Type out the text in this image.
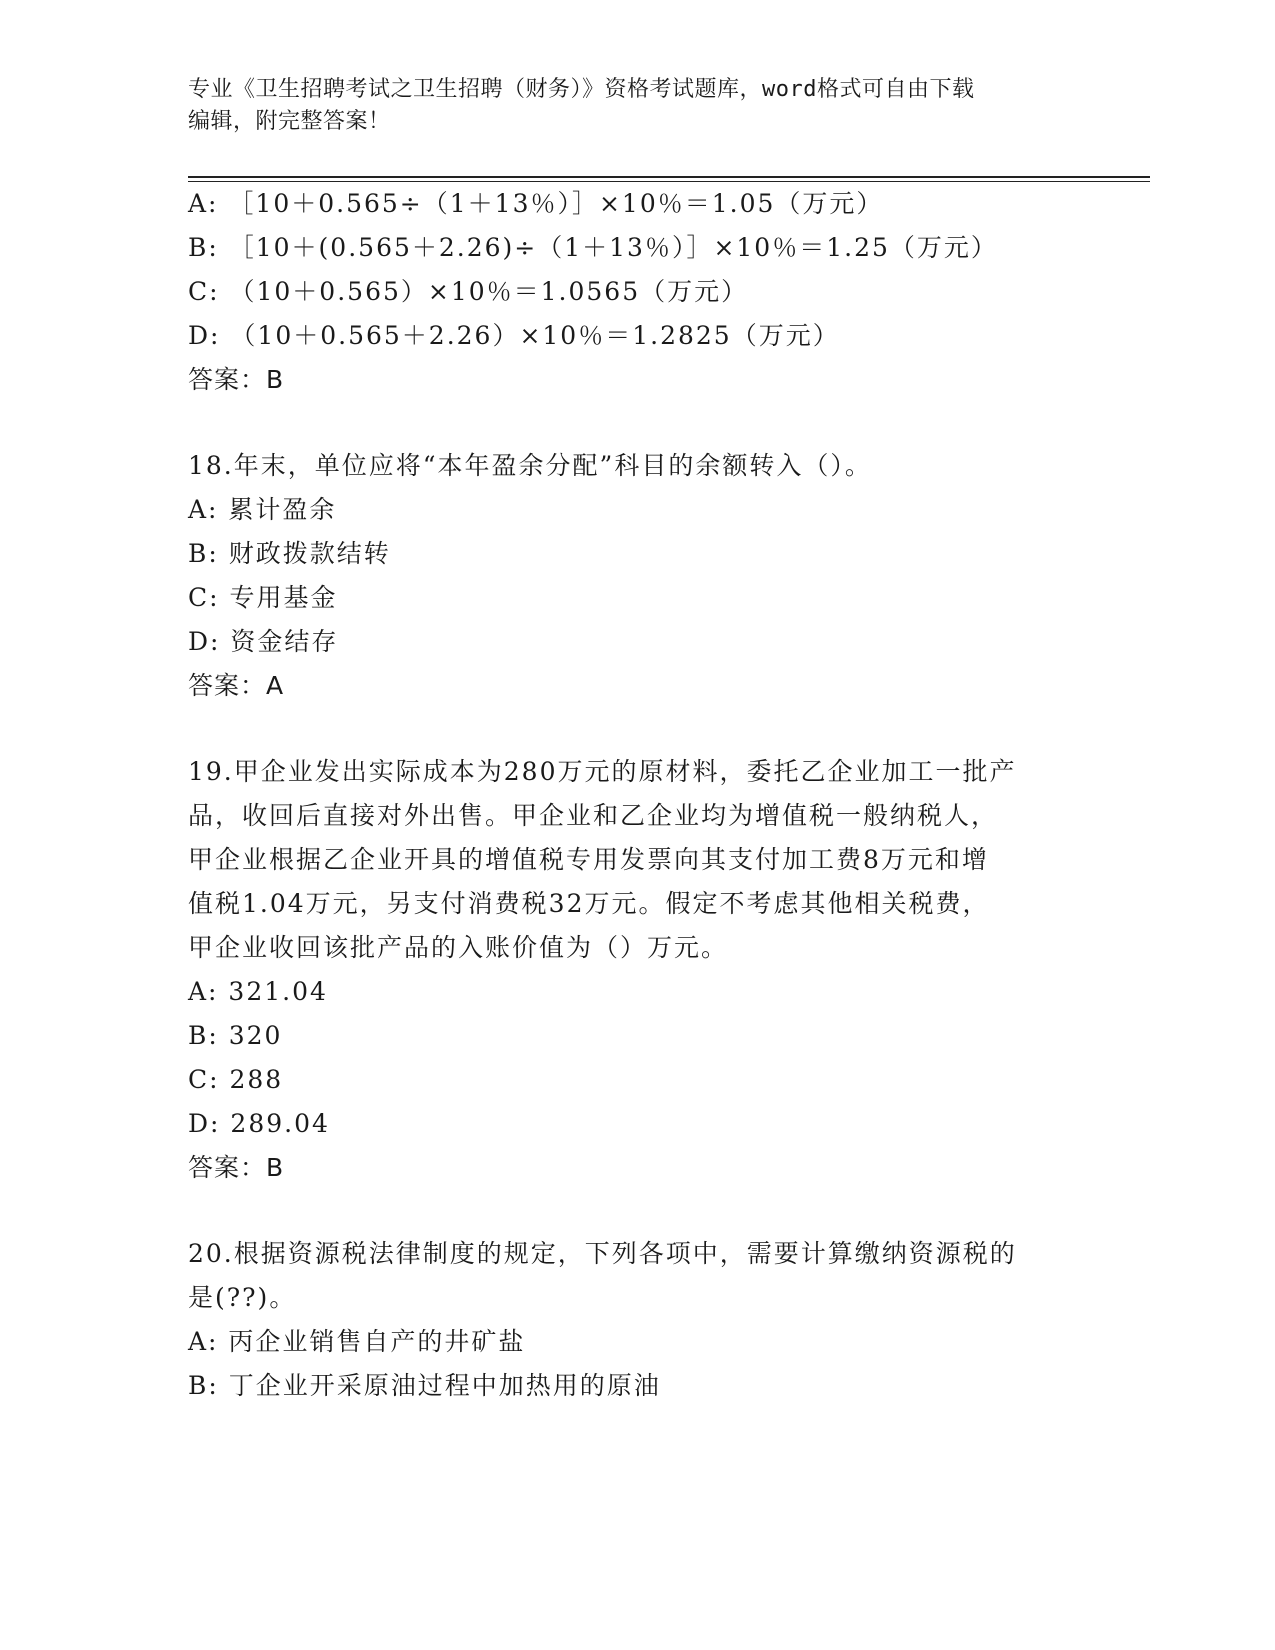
专业《卫生招聘考试之卫生招聘（财务）》资格考试题库，word格式可自由下载
编辑，附完整答案！
A: ［10＋0.565÷（1＋13％）］×10％＝1.05（万元）
B: ［10＋(0.565＋2.26)÷（1＋13％）］×10％＝1.25（万元）
C: （10＋0.565）×10％＝1.0565（万元）
D: （10＋0.565＋2.26）×10％＝1.2825（万元）
答案：B
18.年末，单位应将“本年盈余分配”科目的余额转入（）。
A: 累计盈余
B: 财政拨款结转
C: 专用基金
D: 资金结存
答案：A
19.甲企业发出实际成本为280万元的原材料，委托乙企业加工一批产
品，收回后直接对外出售。甲企业和乙企业均为增值税一般纳税人，
甲企业根据乙企业开具的增值税专用发票向其支付加工费8万元和增
值税1.04万元，另支付消费税32万元。假定不考虑其他相关税费，
甲企业收回该批产品的入账价值为（）万元。
A: 321.04
B: 320
C: 288
D: 289.04
答案：B
20.根据资源税法律制度的规定，下列各项中，需要计算缴纳资源税的
是(??)。
A: 丙企业销售自产的井矿盐
B: 丁企业开采原油过程中加热用的原油
